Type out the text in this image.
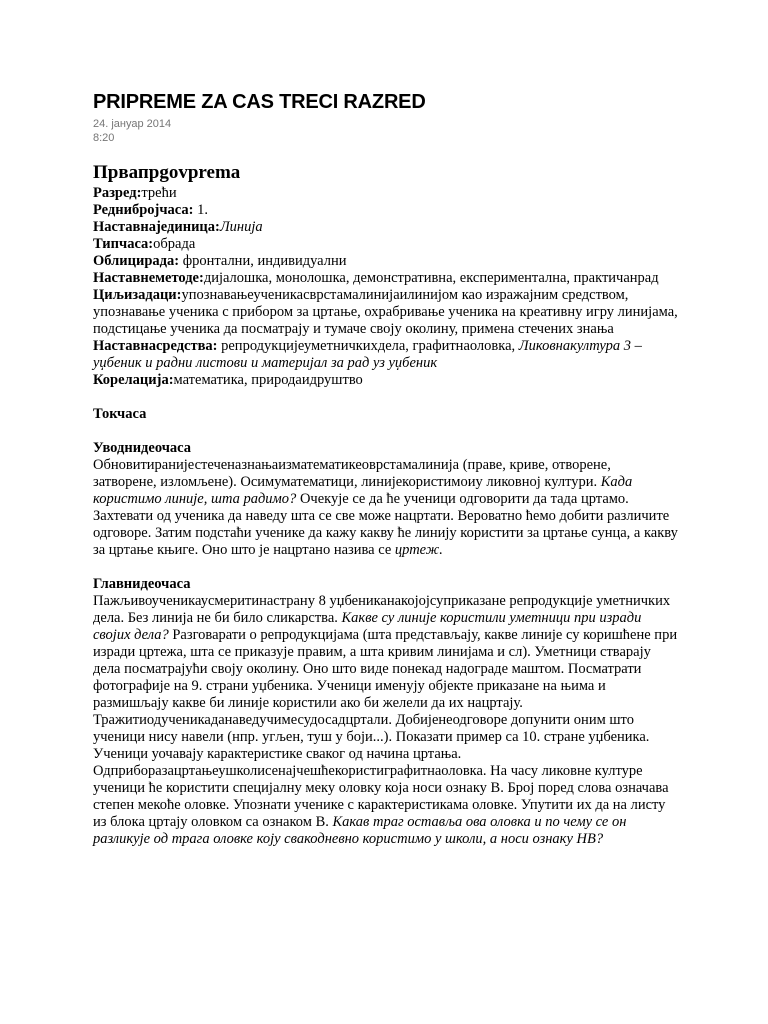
PRIPREME ZA CAS TRECI RAZRED
24. јануар 2014
8:20
Првапрgovprema

Разред:трећи

Редниброjчаса: 1.

Наставнајединица:Линија

Типчаса:обрада

Облицирада: фронтални, индивидуални

Наставнеметоде:дијалошка, монолошка, демонстративна, експериментална, практичанрад

Циљизадаци:упознавањеученикасврстамалинијаилинијом као изражајним средством, упознавање ученика с прибором за цртање, охрабривање ученика на креативну игру линијама, подстицање ученика да посматрају и тумаче своју околину, примена стечених знања

Наставнасредства: репродукцијеуметничкихдела, графитнаоловка, Ликовнакултура 3 – уџбеник и радни листови и материјал за рад уз уџбеник

Корелација:математика, природаидруштво

Токчаса

Уводнидеочаса

Обновитиранијестеченазнањаизматематикеоврстамалинија (праве, криве, отворене, затворене, изломљене). Осимуматематици, линијекористимоиу ликовној култури. Када користимо линије, шта радимо? Очекује се да ће ученици одговорити да тада цртамо. Захтевати од ученика да наведу шта се све може нацртати. Вероватно ћемо добити различите одговоре. Затим подстаћи ученике да кажу какву ће линију користити за цртање сунца, а какву за цртање књиге. Оно што је нацртано назива се цртеж.

Главнидеочаса

Пажљивоученикаусмеритинастрану 8 уџбениканакојојсуприказане репродукције уметничких дела. Без линија не би било сликарства. Какве су линије користили уметници при изради својих дела? Разговарати о репродукцијама (шта представљају, какве линије су коришћене при изради цртежа, шта се приказује правим, а шта кривим линијама и сл). Уметници стварају дела посматрајући своју околину. Оно што виде понекад надограде маштом. Посматрати фотографије на 9. страни уџбеника. Ученици именују објекте приказане на њима и размишљају какве би линије користили ако би желели да их нацртају.

Тражитиодученикаданаведучимесудосадцртали. Добијенеодговоре допунити оним што ученици нису навели (нпр. угљен, туш у боји...). Показати пример са 10. стране уџбеника. Ученици уочавају карактеристике сваког од начина цртања.

Одприборазацртањеушколисенајчешћекористиграфитнаоловка. На часу ликовне културе ученици ће користити специјалну меку оловку која носи ознаку B. Број поред слова означава степен мекоће оловке. Упознати ученике с карактеристикама оловке. Упутити их да на листу из блока цртају оловком са ознаком B. Какав траг оставља ова оловка и по чему се он разликује од трага оловке коју свакодневно користимо у школи, а носи ознаку HB?
